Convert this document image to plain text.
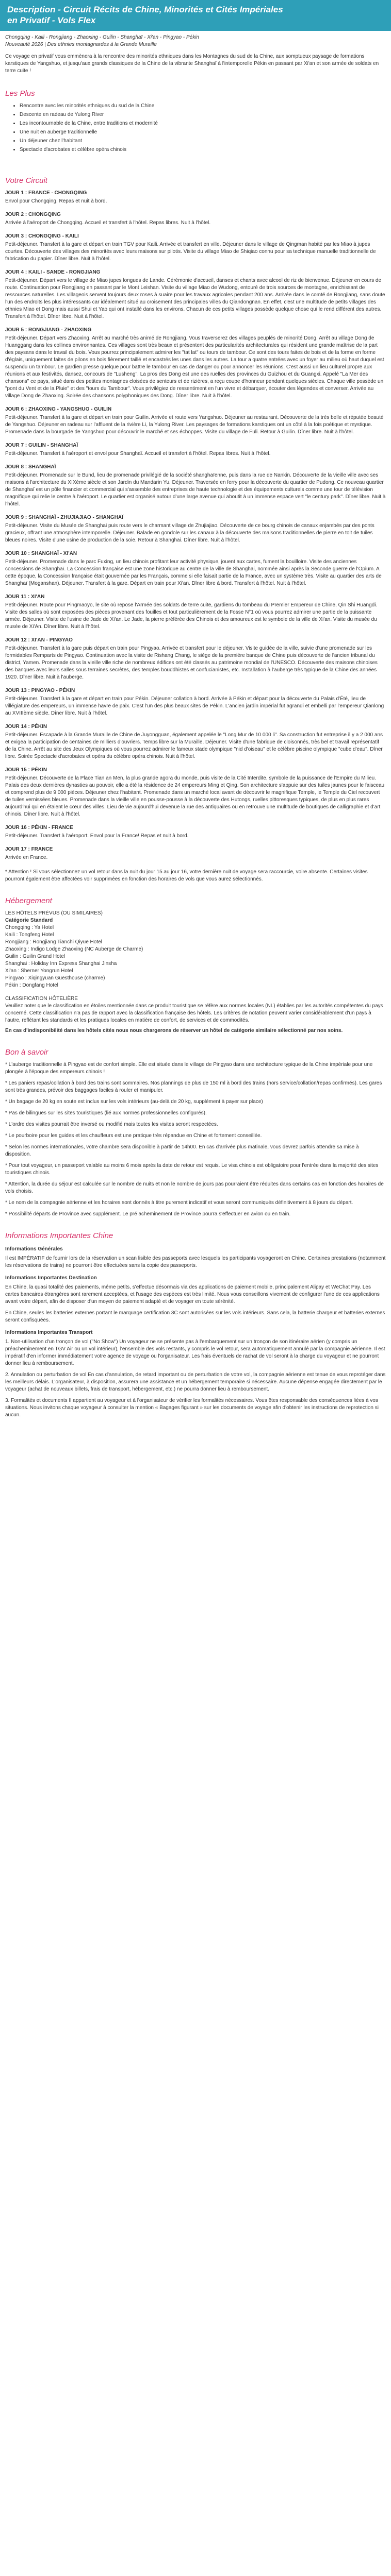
Description - Circuit Récits de Chine, Minorités et Cités Impériales
en Privatif - Vols Flex
Chongqing - Kaili - Rongjiang - Zhaoxing - Guilin - Shanghaï - Xi'an - Pingyao - Pékin
Nouveauté 2026 | Des ethnies montagnardes à la Grande Muraille

Ce voyage en privatif vous emmènera à la rencontre des minorités ethniques dans les Montagnes du sud de la Chine, aux somptueux paysage de formations karstiques de Yangshuo, et jusqu'aux grands classiques de la Chine de la vibrante Shanghaï à l'intemporelle Pékin en passant par Xi'an et son armée de soldats en terre cuite !

Les Plus
• Rencontre avec les minorités ethniques du sud de la Chine
• Descente en radeau de Yulong River
• Les incontournable de la Chine, entre traditions et modernité
• Une nuit en auberge traditionnelle
• Un déjeuner chez l'habitant
• Spectacle d'acrobates et célèbre opéra chinois
Votre Circuit
JOUR 1 : FRANCE - CHONGQING
Envol pour Chongqing. Repas et nuit à bord.
JOUR 2 : CHONGQING
Arrivée à l'aéroport de Chongqing. Accueil et transfert à l'hôtel. Repas libres. Nuit à l'hôtel.
JOUR 3 : CHONGQING - KAILI
Petit-déjeuner. Transfert à la gare et départ en train TGV pour Kaili. Arrivée et transfert en ville. Déjeuner dans le village de Qingman habité par les Miao à jupes courtes. Découverte des villages des minorités avec leurs maisons sur pilotis. Visite du village Miao de Shiqiao connu pour sa technique manuelle traditionnelle de fabrication du papier. Dîner libre. Nuit à l'hôtel.
JOUR 4 : KAILI - SANDE - RONGJIANG
Petit-déjeuner. Départ vers le village de Miao jupes longues de Lande. Cérémonie d'accueil, danses et chants avec alcool de riz de bienvenue. Déjeuner en cours de route. Continuation pour Rongjiang en passant par le Mont Leishan. Visite du village Miao de Wudong, entouré de trois sources de montagne, enrichissant de ressources naturelles. Les villageois servent toujours deux roses à suaire pour les travaux agricoles pendant 200 ans. Arrivée dans le comté de Rongjiang, sans doute l'un des endroits les plus intéressants car idéalement situé au croisement des principales villes du Qiandongnan. En effet, c'est une multitude de petits villages des ethnies Miao et Dong mais aussi Shui et Yao qui ont installé dans les environs. Chacun de ces petits villages possède quelque chose qui le rend différent des autres. Transfert à l'hôtel. Dîner libre. Nuit à l'hôtel.
JOUR 5 : RONGJIANG - ZHAOXING
Petit-déjeuner. Départ vers Zhaoxing. Arrêt au marché très animé de Rongjiang. Vous traverserez des villages peuplés de minorité Dong. Arrêt au village Dong de Huanggang dans les collines environnantes. Ces villages sont très beaux et présentent des particularités architecturales qui résident une grande maîtrise de la part des paysans dans le travail du bois. Vous pourrez principalement admirer les "tat lat" ou tours de tambour. Ce sont des tours faites de bois et de la forme en forme d'églais, uniquement faites de pilons en bois fièrement taillé et encastrés les unes dans les autres. La tour a quatre entrées avec un foyer au milieu où haut duquel est suspendu un tambour. Le gardien presse quelque pour battre le tambour en cas de danger ou pour annoncer les réunions. C'est aussi un lieu culturel propre aux réunions et aux festivités, dansez, concours de "Lusheng". La pros des Dong est une des ruelles des provinces du Guizhou et du Guangxi. Appelé "La Mer des chansons" ce pays, situé dans des petites montagnes cloisées de senteurs et de rizières, a reçu coupe d'honneur pendant quelques siècles. Chaque ville possède un "pont du Vent et de la Pluie" et des "tours du Tambour". Vous privilégiez de ressentiment en l'un vivre et débarquer, écouter des légendes et converser. Arrivée au village Dong de Zhaoxing. Soirée des chansons polyphoniques des Dong. Dîner libre. Nuit à l'hôtel.
JOUR 6 : ZHAOXING - YANGSHUO - GUILIN
Petit-déjeuner. Transfert à la gare et départ en train pour Guilin. Arrivée et route vers Yangshuo. Déjeuner au restaurant. Découverte de la très belle et réputée beauté de Yangshuo. Déjeuner en radeau sur l'affluent de la rivière Li, la Yulong River. Les paysages de formations karstiques ont un côté à la fois poétique et mystique. Promenade dans la bourgade de Yangshuo pour découvrir le marché et ses échoppes. Visite du village de Fuli. Retour à Guilin. Dîner libre. Nuit à l'hôtel.
JOUR 7 : GUILIN - SHANGHAÏ
Petit-déjeuner. Transfert à l'aéroport et envol pour Shanghaï. Accueil et transfert à l'hôtel. Repas libres. Nuit à l'hôtel.
JOUR 8 : SHANGHAÏ
Petit-déjeuner. Promenade sur le Bund, lieu de promenade privilégié de la société shanghaïenne, puis dans la rue de Nankin. Découverte de la vieille ville avec ses maisons à l'architecture du XIXème siècle et son Jardin du Mandarin Yu. Déjeuner. Traversée en ferry pour la découverte du quartier de Pudong. Ce nouveau quartier de Shanghaï est un pôle financier et commercial qui s'assemble des entreprises de haute technologie et des équipements culturels comme une tour de télévision magnifique qui relie le centre à l'aéroport. Le quartier est organisé autour d'une large avenue qui aboutit à un immense espace vert "le century park". Dîner libre. Nuit à l'hôtel.
JOUR 9 : SHANGHAÏ - ZHUJIAJIAO - SHANGHAÏ
Petit-déjeuner. Visite du Musée de Shanghai puis route vers le charmant village de Zhujiajiao. Découverte de ce bourg chinois de canaux enjambés par des ponts gracieux, offrant une atmosphère intemporelle. Déjeuner. Balade en gondole sur les canaux à la découverte des maisons traditionnelles de pierre en toit de tuiles bleues noires. Visite d'une usine de production de la soie. Retour à Shanghai. Dîner libre. Nuit à l'hôtel.
JOUR 10 : SHANGHAÏ - XI'AN
Petit-déjeuner. Promenade dans le parc Fuxing, un lieu chinois profitant leur activité physique, jouent aux cartes, fument la bouilloire. Visite des anciennes concessions de Shanghaï. La Concession française est une zone historique au centre de la ville de Shanghai, nommée ainsi après la Seconde guerre de l'Opium. A cette époque, la Concession française était gouvernée par les Français, comme si elle faisait partie de la France, avec un système très. Visite au quartier des arts de Shanghaï (Moganshan). Déjeuner. Transfert à la gare. Départ en train pour Xi'an. Dîner libre à bord. Transfert à l'hôtel. Nuit à l'hôtel.
JOUR 11 : XI'AN
Petit-déjeuner. Route pour Pingmaoyo, le site où repose l'Armée des soldats de terre cuite, gardiens du tombeau du Premier Empereur de Chine, Qin Shi Huangdi. Visite des salles où sont exposées des pièces provenant des fouilles et tout particulièrement de la Fosse N°1 où vous pourrez admirer une partie de la puissante armée. Déjeuner. Visite de l'usine de Jade de Xi'an. Le Jade, la pierre préférée des Chinois et des amoureux est le symbole de la ville de Xi'an. Visite du musée du musée de Xi'An. Dîner libre. Nuit à l'hôtel.
JOUR 12 : XI'AN - PINGYAO
Petit-déjeuner. Transfert à la gare puis départ en train pour Pingyao. Arrivée et transfert pour le déjeuner. Visite guidée de la ville, suivie d'une promenade sur les formidables Remparts de Pingyao. Continuation avec la visite de Rishang Chang, le siège de la première banque de Chine puis découverte de l'ancien tribunal du district, Yamen. Promenade dans la vieille ville riche de nombreux édifices ont été classés au patrimoine mondial de l'UNESCO. Découverte des maisons chinoises des banques avec leurs salles sous terraines secrètes, des temples bouddhistes et confucianistes, etc. Installation à l'auberge très typique de la Chine des années 1920. Dîner libre. Nuit à l'auberge.
JOUR 13 : PINGYAO - PÉKIN
Petit-déjeuner. Transfert à la gare et départ en train pour Pékin. Déjeuner collation à bord. Arrivée à Pékin et départ pour la découverte du Palais d'Été, lieu de villégiature des empereurs, un immense havre de paix. C'est l'un des plus beaux sites de Pékin. L'ancien jardin impérial fut agrandi et embelli par l'empereur Qianlong au XVIIIème siècle. Dîner libre. Nuit à l'hôtel.
JOUR 14 : PÉKIN
Petit-déjeuner. Escapade à la Grande Muraille de Chine de Juyongguan, également appelée le "Long Mur de 10 000 li". Sa construction fut entreprise il y a 2 000 ans et exigea la participation de centaines de milliers d'ouvriers. Temps libre sur la Muraille. Déjeuner. Visite d'une fabrique de cloisonnés, très bel et travail représentatif de la Chine. Arrêt au site des Jeux Olympiques où vous pourrez admirer le fameux stade olympique "nid d'oiseau" et le célèbre piscine olympique "cube d'eau". Dîner libre. Soirée Spectacle d'acrobates et opéra du célèbre opéra chinois. Nuit à l'hôtel.
JOUR 15 : PÉKIN
Petit-déjeuner. Découverte de la Place Tian an Men, la plus grande agora du monde, puis visite de la Cité Interdite, symbole de la puissance de l'Empire du Milieu. Palais des deux dernières dynasties au pouvoir, elle a été la résidence de 24 empereurs Ming et Qing. Son architecture s'appuie sur des tuiles jaunes pour le faisceau et comprend plus de 9 000 pièces. Déjeuner chez l'habitant. Promenade dans un marché local avant de découvrir le magnifique Temple, le Temple du Ciel recouvert de tuiles vernissées bleues. Promenade dans la vieille ville en pousse-pousse à la découverte des Hutongs, ruelles pittoresques typiques, de plus en plus rares aujourd'hui qui en étaient le cœur des villes. Lieu de vie aujourd'hui devenue la rue des antiquaires ou en retrouve une multitude de boutiques de calligraphie et d'art chinois. Dîner libre. Nuit à l'hôtel.
JOUR 16 : PÉKIN - FRANCE
Petit-déjeuner. Transfert à l'aéroport. Envol pour la France! Repas et nuit à bord.
JOUR 17 : FRANCE
Arrivée en France.

* Attention ! Si vous sélectionnez un vol retour dans la nuit du jour 15 au jour 16, votre dernière nuit de voyage sera raccourcie, voire absente. Certaines visites pourront également être affectées voir supprimées en fonction des horaires de vols que vous aurez sélectionnés.

Hébergement

LES HÔTELS PRÉVUS (OU SIMILAIRES)

Catégorie Standard

Chongqing : Ya Hotel

Kaili : Tongfeng Hotel

Rongjiang : Rongjiang Tianchi Qiyue Hotel

Zhaoxing : Indigo Lodge Zhaoxing (NC Auberge de Charme)

Guilin : Guilin Grand Hotel

Shanghai : Holiday Inn Express Shanghai Jinsha

Xi'an : Sherner Yongrun Hotel

Pingyao : Xiqingyuan Guesthouse (charme)

Pékin : Dongfang Hotel

CLASSIFICATION HÔTELIÈRE

Veuillez noter que le classification en étoiles mentionnée dans ce produit touristique se réfère aux normes locales (NL) établies par les autorités compétentes du pays concerné. Cette classification n'a pas de rapport avec la classification française des hôtels. Les critères de notation peuvent varier considérablement d'un pays à l'autre, reflétant les standards et les pratiques locales en matière de confort, de services et de commodités.

En cas d'indisponibilité dans les hôtels cités nous nous chargerons de réserver un hôtel de catégorie similaire sélectionné par nos soins.

Bon à savoir

* L'auberge traditionnelle à Pingyao est de confort simple. Elle est située dans le village de Pingyao dans une architecture typique de la Chine impériale pour une plongée à l'époque des empereurs chinois !

* Les paniers repas/collation à bord des trains sont sommaires. Nos plannings de plus de 150 ml à bord des trains (hors service/collation/repas confirmés). Les gares sont très grandes, prévoir des baggages faciles à rouler et manipuler.

* Un bagage de 20 kg en soute est inclus sur les vols intérieurs (au-delà de 20 kg, supplément à payer sur place)

* Pas de bilingues sur les sites touristiques (lié aux normes professionnelles configurés).

* L'ordre des visites pourrait être inversé ou modifié mais toutes les visites seront respectées.

* Le pourboire pour les guides et les chauffeurs est une pratique très répandue en Chine et fortement conseillée.

* Selon les normes internationales, votre chambre sera disponible à partir de 14h00. En cas d'arrivée plus matinale, vous devrez parfois attendre sa mise à disposition.

* Pour tout voyageur, un passeport valable au moins 6 mois après la date de retour est requis. Le visa chinois est obligatoire pour l'entrée dans la majorité des sites touristiques chinois.

* Attention, la durée du séjour est calculée sur le nombre de nuits et non le nombre de jours pas pourraient être réduites dans certains cas en fonction des horaires de vols choisis.

* Le nom de la compagnie aérienne et les horaires sont donnés à titre purement indicatif et vous seront communiqués définitivement à 8 jours du départ.

* Possibilité départs de Province avec supplément. Le pré acheminement de Province pourra s'effectuer en avion ou en train.

Informations Importantes Chine
Informations Générales

Il est IMPÉRATIF de fournir lors de la réservation un scan lisible des passeports avec lesquels les participants voyageront en Chine. Certaines prestations (notamment les réservations de trains) ne pourront être effectuées sans la copie des passeports.

Informations Importantes Destination

En Chine, la quasi totalité des paiements, même petits, s'effectue désormais via des applications de paiement mobile, principalement Alipay et WeChat Pay. Les cartes bancaires étrangères sont rarement acceptées, et l'usage des espèces est très limité. Nous vous conseillons vivement de configurer l'une de ces applications avant votre départ, afin de disposer d'un moyen de paiement adapté et de voyager en toute sérénité.

En Chine, seules les batteries externes portant le marquage certification 3C sont autorisées sur les vols intérieurs. Sans cela, la batterie chargeur et batteries externes seront confisquées.

Informations Importantes Transport

1. Non-utilisation d'un tronçon de vol ("No Show") Un voyageur ne se présente pas à l'embarquement sur un tronçon de son itinéraire aérien (y compris un préacheminement en TGV Air ou un vol intérieur), l'ensemble des vols restants, y compris le vol retour, sera automatiquement annulé par la compagnie aérienne. Il est impératif d'en informer immédiatement votre agence de voyage ou l'organisateur. Les frais éventuels de rachat de vol seront à la charge du voyageur et ne pourront donner lieu à remboursement.

2. Annulation ou perturbation de vol En cas d'annulation, de retard important ou de perturbation de votre vol, la compagnie aérienne est tenue de vous reprotéger dans les meilleurs délais. L'organisateur, à disposition, assurera une assistance et un hébergement temporaire si nécessaire. Aucune dépense engagée directement par le voyageur (achat de nouveaux billets, frais de transport, hébergement, etc.) ne pourra donner lieu à remboursement.

3. Formalités et documents Il appartient au voyageur et à l'organisateur de vérifier les formalités nécessaires. Vous êtes responsable des conséquences liées à vos situations. Nous invitons chaque voyageur à consulter la mention « Bagages figurant » sur les documents de voyage afin d'obtenir les instructions de reprotection si aucun.
